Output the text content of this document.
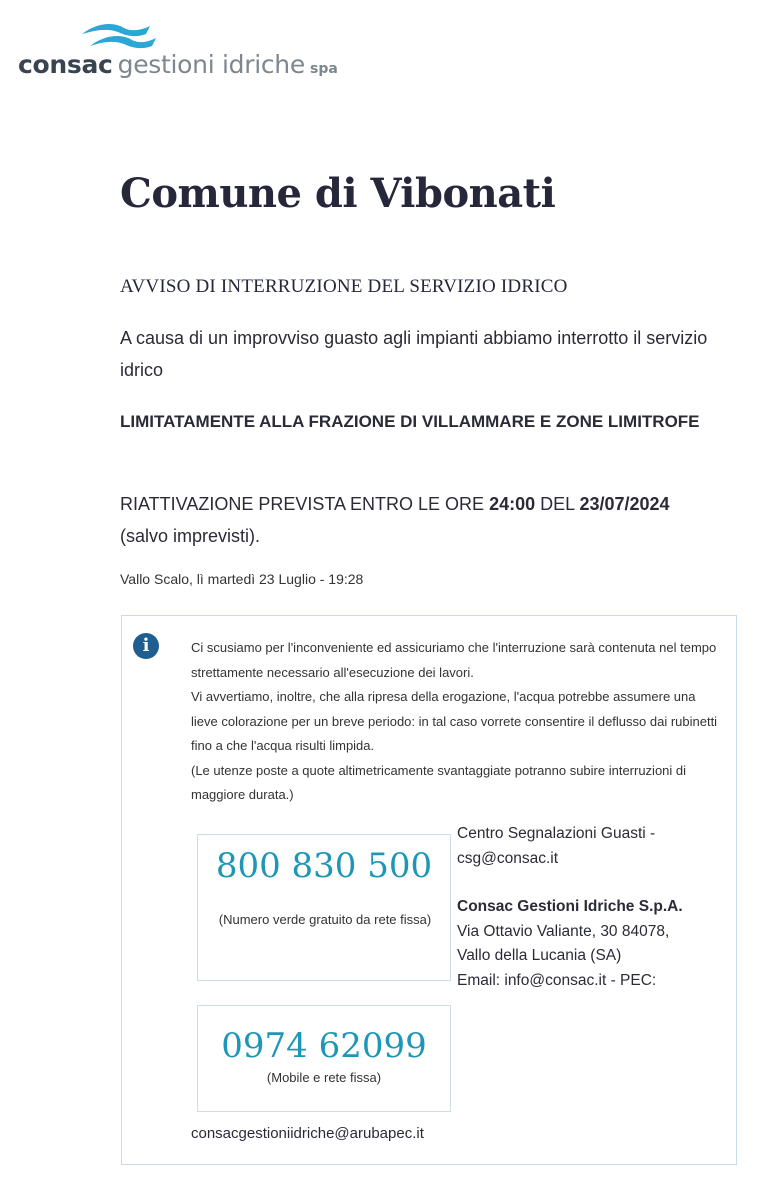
consac gestioni idriche spa
Comune di Vibonati
AVVISO DI INTERRUZIONE DEL SERVIZIO IDRICO
A causa di un improvviso guasto agli impianti abbiamo interrotto il servizio idrico
LIMITATAMENTE ALLA FRAZIONE DI VILLAMMARE E ZONE LIMITROFE
RIATTIVAZIONE PREVISTA ENTRO LE ORE 24:00 DEL 23/07/2024 (salvo imprevisti).
Vallo Scalo, lì martedì 23 Luglio - 19:28
i	Ci scusiamo per l'inconveniente ed assicuriamo che l'interruzione sarà contenuta nel tempo strettamente necessario all'esecuzione dei lavori.

Vi avvertiamo, inoltre, che alla ripresa della erogazione, l'acqua potrebbe assumere una lieve colorazione per un breve periodo: in tal caso vorrete consentire il deflusso dai rubinetti fino a che l'acqua risulti limpida.

(Le utenze poste a quote altimetricamente svantaggiate potranno subire interruzioni di maggiore durata.)

800 830 500
(Numero verde gratuito da rete fissa)
0974 62099
(Mobile e rete fissa)
Centro Segnalazioni Guasti -
csg@consac.it
Consac Gestioni Idriche S.p.A.
Via Ottavio Valiante, 30 84078,
Vallo della Lucania (SA)
Email: info@consac.it - PEC:
consacgestioniidriche@arubapec.it
